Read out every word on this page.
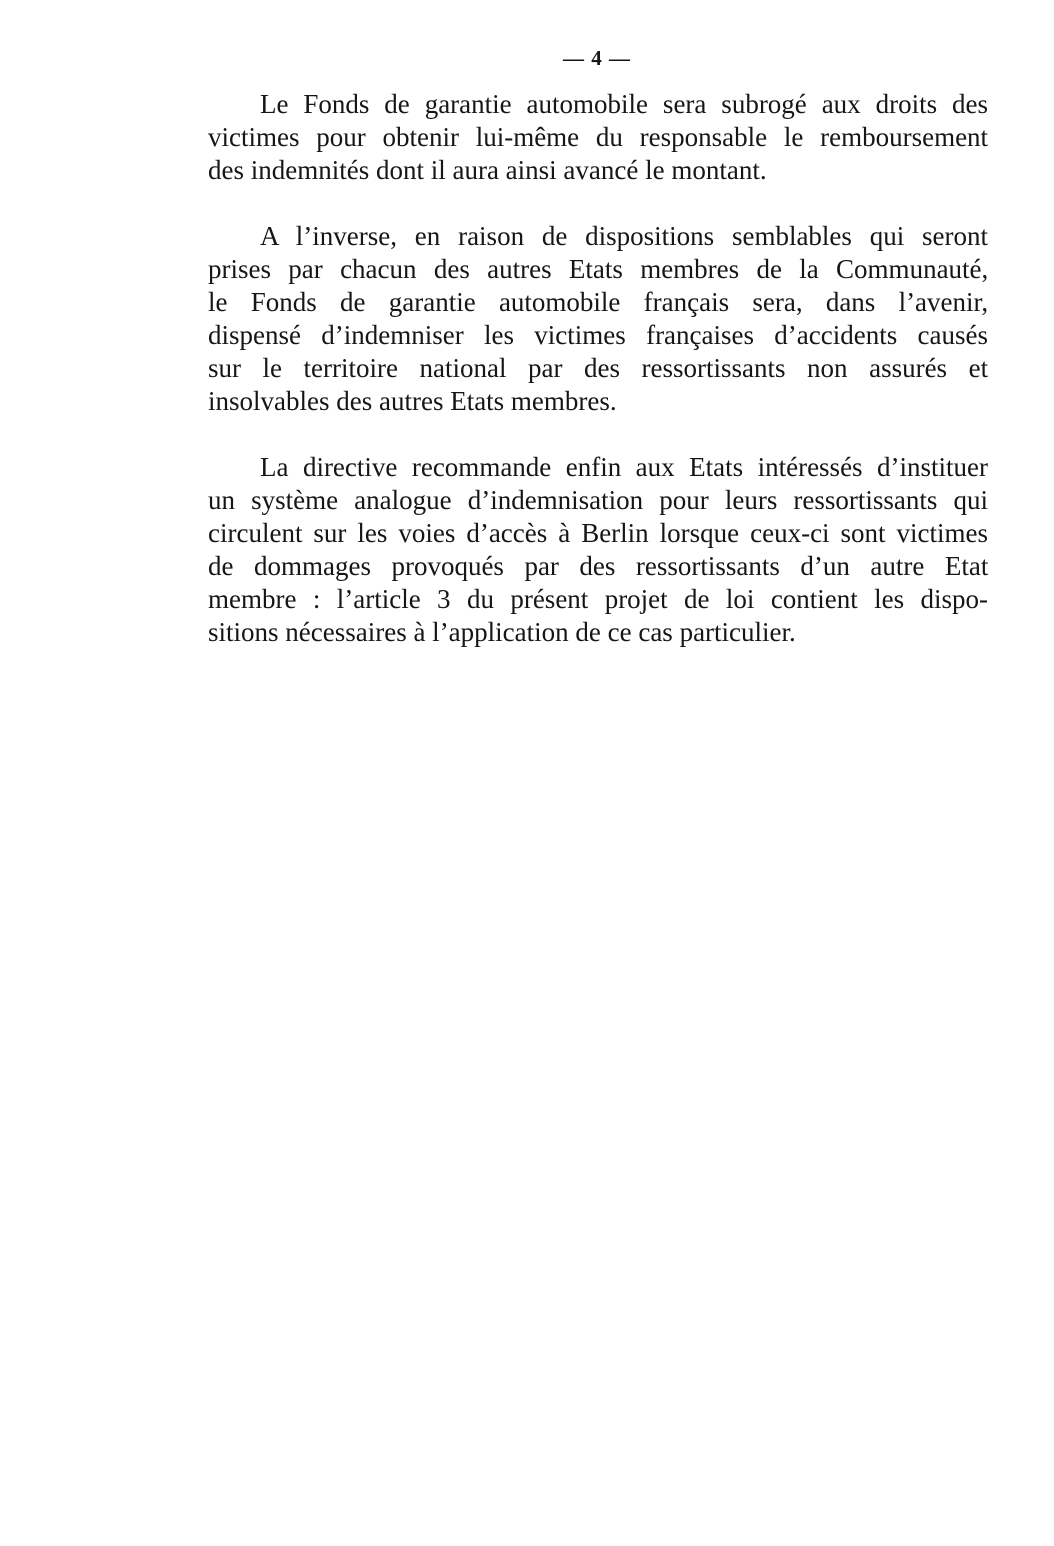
— 4 —

Le Fonds de garantie automobile sera subrogé aux droits des
victimes pour obtenir lui-même du responsable le remboursement
des indemnités dont il aura ainsi avancé le montant.

A l’inverse, en raison de dispositions semblables qui seront
prises par chacun des autres Etats membres de la Communauté,
le Fonds de garantie automobile français sera, dans l’avenir,
dispensé d’indemniser les victimes françaises d’accidents causés
sur le territoire national par des ressortissants non assurés et
insolvables des autres Etats membres.

La directive recommande enfin aux Etats intéressés d’instituer
un système analogue d’indemnisation pour leurs ressortissants qui
circulent sur les voies d’accès à Berlin lorsque ceux-ci sont victimes
de dommages provoqués par des ressortissants d’un autre Etat
membre : l’article 3 du présent projet de loi contient les dispo-
sitions nécessaires à l’application de ce cas particulier.
